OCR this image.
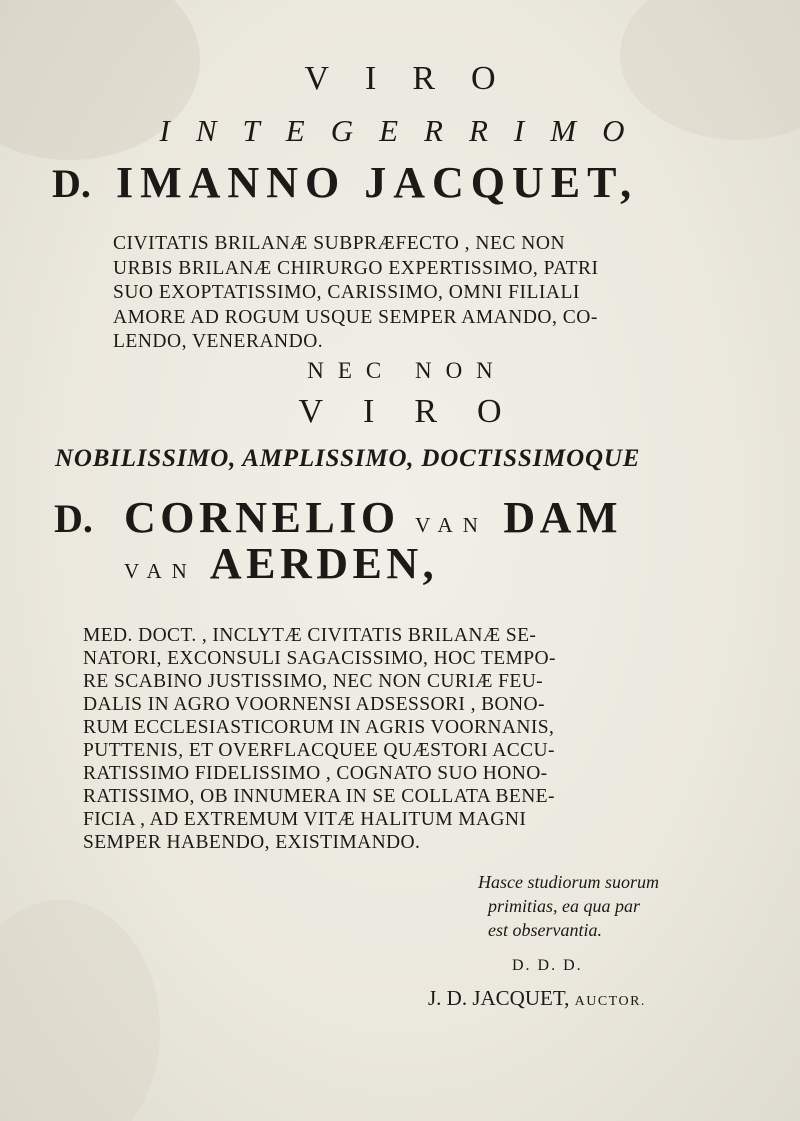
VIRO
INTEGERRIMO
D. IMANNO JACQUET,
CIVITATIS BRILANÆ SUBPRÆFECTO , NEC NON
URBIS BRILANÆ CHIRURGO EXPERTISSIMO, PATRI
SUO EXOPTATISSIMO, CARISSIMO, OMNI FILIALI
AMORE AD ROGUM USQUE SEMPER AMANDO, CO-
LENDO, VENERANDO.
NEC NON
VIRO
NOBILISSIMO, AMPLISSIMO, DOCTISSIMOQUE
D. CORNELIO VAN DAM
VAN AERDEN,
MED. DOCT. , INCLYTÆ CIVITATIS BRILANÆ SE-
NATORI, EXCONSULI SAGACISSIMO, HOC TEMPO-
RE SCABINO JUSTISSIMO, NEC NON CURIÆ FEU-
DALIS IN AGRO VOORNENSI ADSESSORI , BONO-
RUM ECCLESIASTICORUM IN AGRIS VOORNANIS,
PUTTENIS, ET OVERFLACQUEE QUÆSTORI ACCU-
RATISSIMO FIDELISSIMO , COGNATO SUO HONO-
RATISSIMO, OB INNUMERA IN SE COLLATA BENE-
FICIA , AD EXTREMUM VITÆ HALITUM MAGNI
SEMPER HABENDO, EXISTIMANDO.
Hasce studiorum suorum
primitias, ea qua par
est observantia.
D. D. D.
J. D. JACQUET, AUCTOR.
